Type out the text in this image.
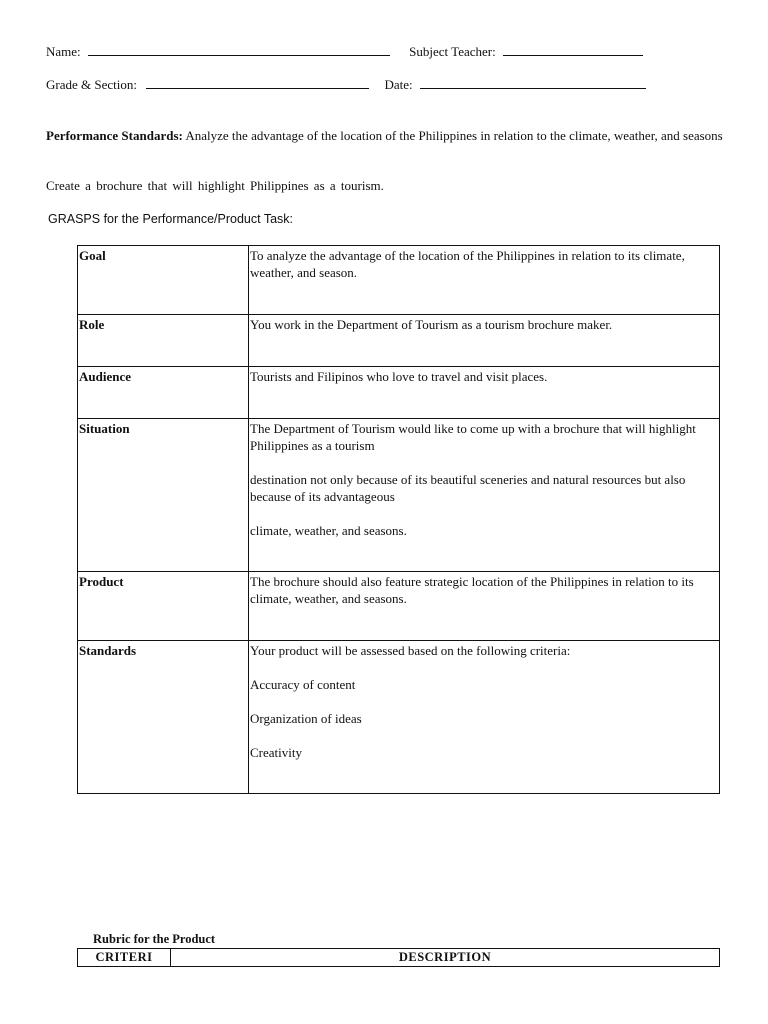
Name:	Subject Teacher:
Grade & Section:	Date:
Performance Standards: Analyze the advantage of the location of the Philippines in relation to the climate, weather, and seasons
Create a brochure that will highlight Philippines as a tourism.
GRASPS for the Performance/Product Task:
Goal	To analyze the advantage of the location of the Philippines in relation to its climate, weather, and season.

Role	You work in the Department of Tourism as a tourism brochure maker.

Audience	Tourists and Filipinos who love to travel and visit places.

Situation	The Department of Tourism would like to come up with a brochure that will highlight Philippines as a tourism

destination not only because of its beautiful sceneries and natural resources but also because of its advantageous

climate, weather, and seasons.

Product	The brochure should also feature strategic location of the Philippines in relation to its climate, weather, and seasons.

Standards	Your product will be assessed based on the following criteria:

Accuracy of content

Organization of ideas

Creativity

Rubric for the Product
CRITERI	DESCRIPTION
